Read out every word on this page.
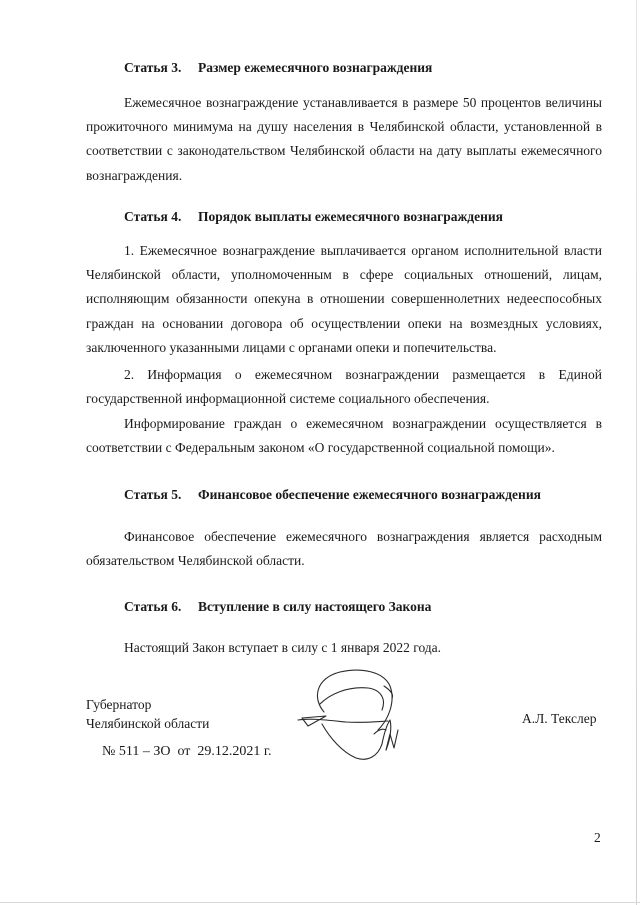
Статья 3. Размер ежемесячного вознаграждения
Ежемесячное вознаграждение устанавливается в размере 50 процентов величины прожиточного минимума на душу населения в Челябинской области, установленной в соответствии с законодательством Челябинской области на дату выплаты ежемесячного вознаграждения.
Статья 4. Порядок выплаты ежемесячного вознаграждения
1. Ежемесячное вознаграждение выплачивается органом исполнительной власти Челябинской области, уполномоченным в сфере социальных отношений, лицам, исполняющим обязанности опекуна в отношении совершеннолетних недееспособных граждан на основании договора об осуществлении опеки на возмездных условиях, заключенного указанными лицами с органами опеки и попечительства.
2. Информация о ежемесячном вознаграждении размещается в Единой государственной информационной системе социального обеспечения.
Информирование граждан о ежемесячном вознаграждении осуществляется в соответствии с Федеральным законом «О государственной социальной помощи».
Статья 5. Финансовое обеспечение ежемесячного вознаграждения
Финансовое обеспечение ежемесячного вознаграждения является расходным обязательством Челябинской области.
Статья 6. Вступление в силу настоящего Закона
Настоящий Закон вступает в силу с 1 января 2022 года.
Губернатор
Челябинской области	А.Л. Текслер
№ 511 – ЗО  от  29.12.2021 г.
2
